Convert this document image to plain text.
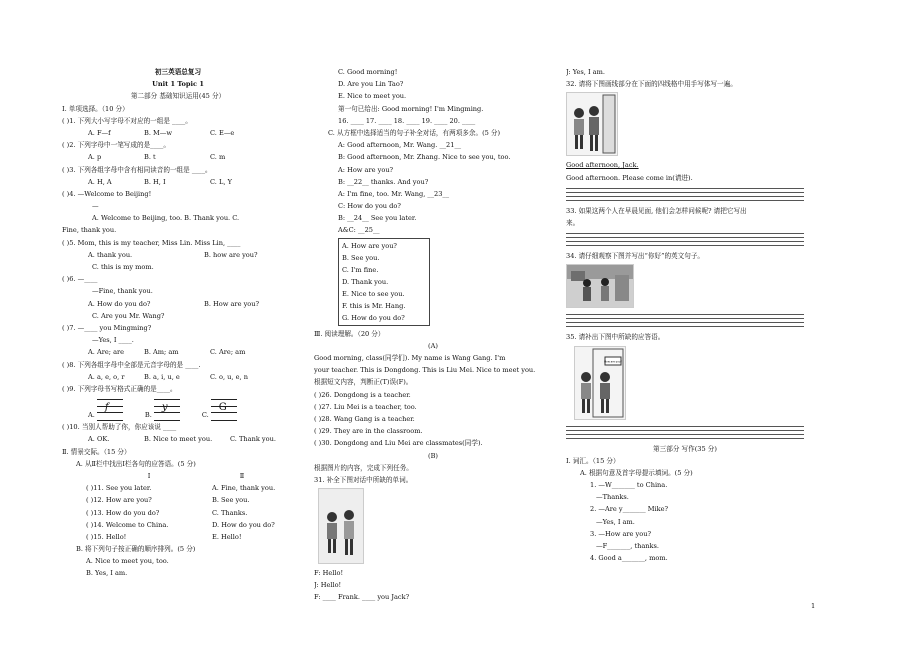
初三英语总复习
Unit 1 Topic 1
第二部分 基础知识运用(45 分）
Ⅰ. 单项选择。（10 分）
( )1. 下列大小写字母不对应的一组是 ____。
A. F—f	B. M—w	C. E—e
( )2. 下列字母中一笔写成的是____。
A. p	B. t	C. m
( )3. 下列各组字母中含有相同读音的一组是 ____。
A. H, A	B. H, I	C. L, Y
( )4. —Welcome to Beijing!
—
A. Welcome to Beijing, too. B. Thank you. C.
Fine, thank you.
( )5. Mom, this is my teacher, Miss Lin. Miss Lin, ____
A. thank you.	B. how are you?
C. this is my mom.
( )6. —____
—Fine, thank you.
A. How do you do?	B. How are you?
C. Are you Mr. Wang?
( )7. —____ you Mingming?
—Yes, I ____.
A. Are; are	B. Am; am	C. Are; am
( )8. 下列各组字母中全部是元音字母的是 ____.
A. a, e, o, r	B. a, i, u, e	C. o, u, e, n
( )9. 下列字母书写格式正确的是____。
A.
f
B.
y
C.
G
( )10. 当别人帮助了你，你应该说 ____
A. OK.	B. Nice to meet you.	C. Thank you.
Ⅱ. 情景交际。（15 分）
A. 从Ⅱ栏中找出Ⅰ栏各句的应答语。(5 分)
Ⅰ	Ⅱ
( )11. See you later.	A. Fine, thank you.
( )12. How are you?	B. See you.
( )13. How do you do?	C. Thanks.
( )14. Welcome to China.	D. How do you do?
( )15. Hello!	E. Hello!
B. 将下列句子按正确的顺序排列。(5 分)
A. Nice to meet you, too.
B. Yes, I am.
C. Good morning!
D. Are you Lin Tao?
E. Nice to meet you.
第一句已给出: Good morning! I'm Mingming.
16. ____ 17. ____ 18. ____ 19. ____ 20. ____
C. 从方框中选择适当的句子补全对话，有两项多余。(5 分)
A: Good afternoon, Mr. Wang. __21__
B: Good afternoon, Mr. Zhang. Nice to see you, too.
A: How are you?
B: __22__ thanks. And you?
A: I'm fine, too. Mr. Wang, __23__
C: How do you do?
B: __24__ See you later.
A&C: __25__
A. How are you?
B. See you.
C. I'm fine.
D. Thank you.
E. Nice to see you.
F. this is Mr. Hang.
G. How do you do?
Ⅲ. 阅读理解。（20 分）
(A)
Good morning, class(同学们). My name is Wang Gang. I'm
your teacher. This is Dongdong. This is Liu Mei. Nice to meet you.
根据短文内容，判断正(T)误(F)。
( )26. Dongdong is a teacher.
( )27. Liu Mei is a teacher, too.
( )28. Wang Gang is a teacher.
( )29. They are in the classroom.
( )30. Dongdong and Liu Mei are classmates(同学).
(B)
根据图片的内容，完成下列任务。
31. 补全下图对话中所缺的单词。
F: Hello!
J: Hello!
F: ____ Frank. ____ you Jack?
J: Yes, I am.
32. 请将下图画线部分在下面的四线格中用手写体写一遍。
Good afternoon, Jack.
Good afternoon. Please come in(请进).
33. 如果这两个人在早晨见面, 他们会怎样问候呢? 请把它写出
来。
34. 请仔细观察下图并写出“你好”的英文句子。
35. 请补出下图中所缺的应答语。
How are you?
第三部分 写作(35 分)
Ⅰ. 词汇。（15 分）
A. 根据句意及首字母提示填词。(5 分)
1. —W_______ to China.
—Thanks.
2. —Are y_______ Mike?
—Yes, I am.
3. —How are you?
—F_______, thanks.
4. Good a_______, mom.
1
